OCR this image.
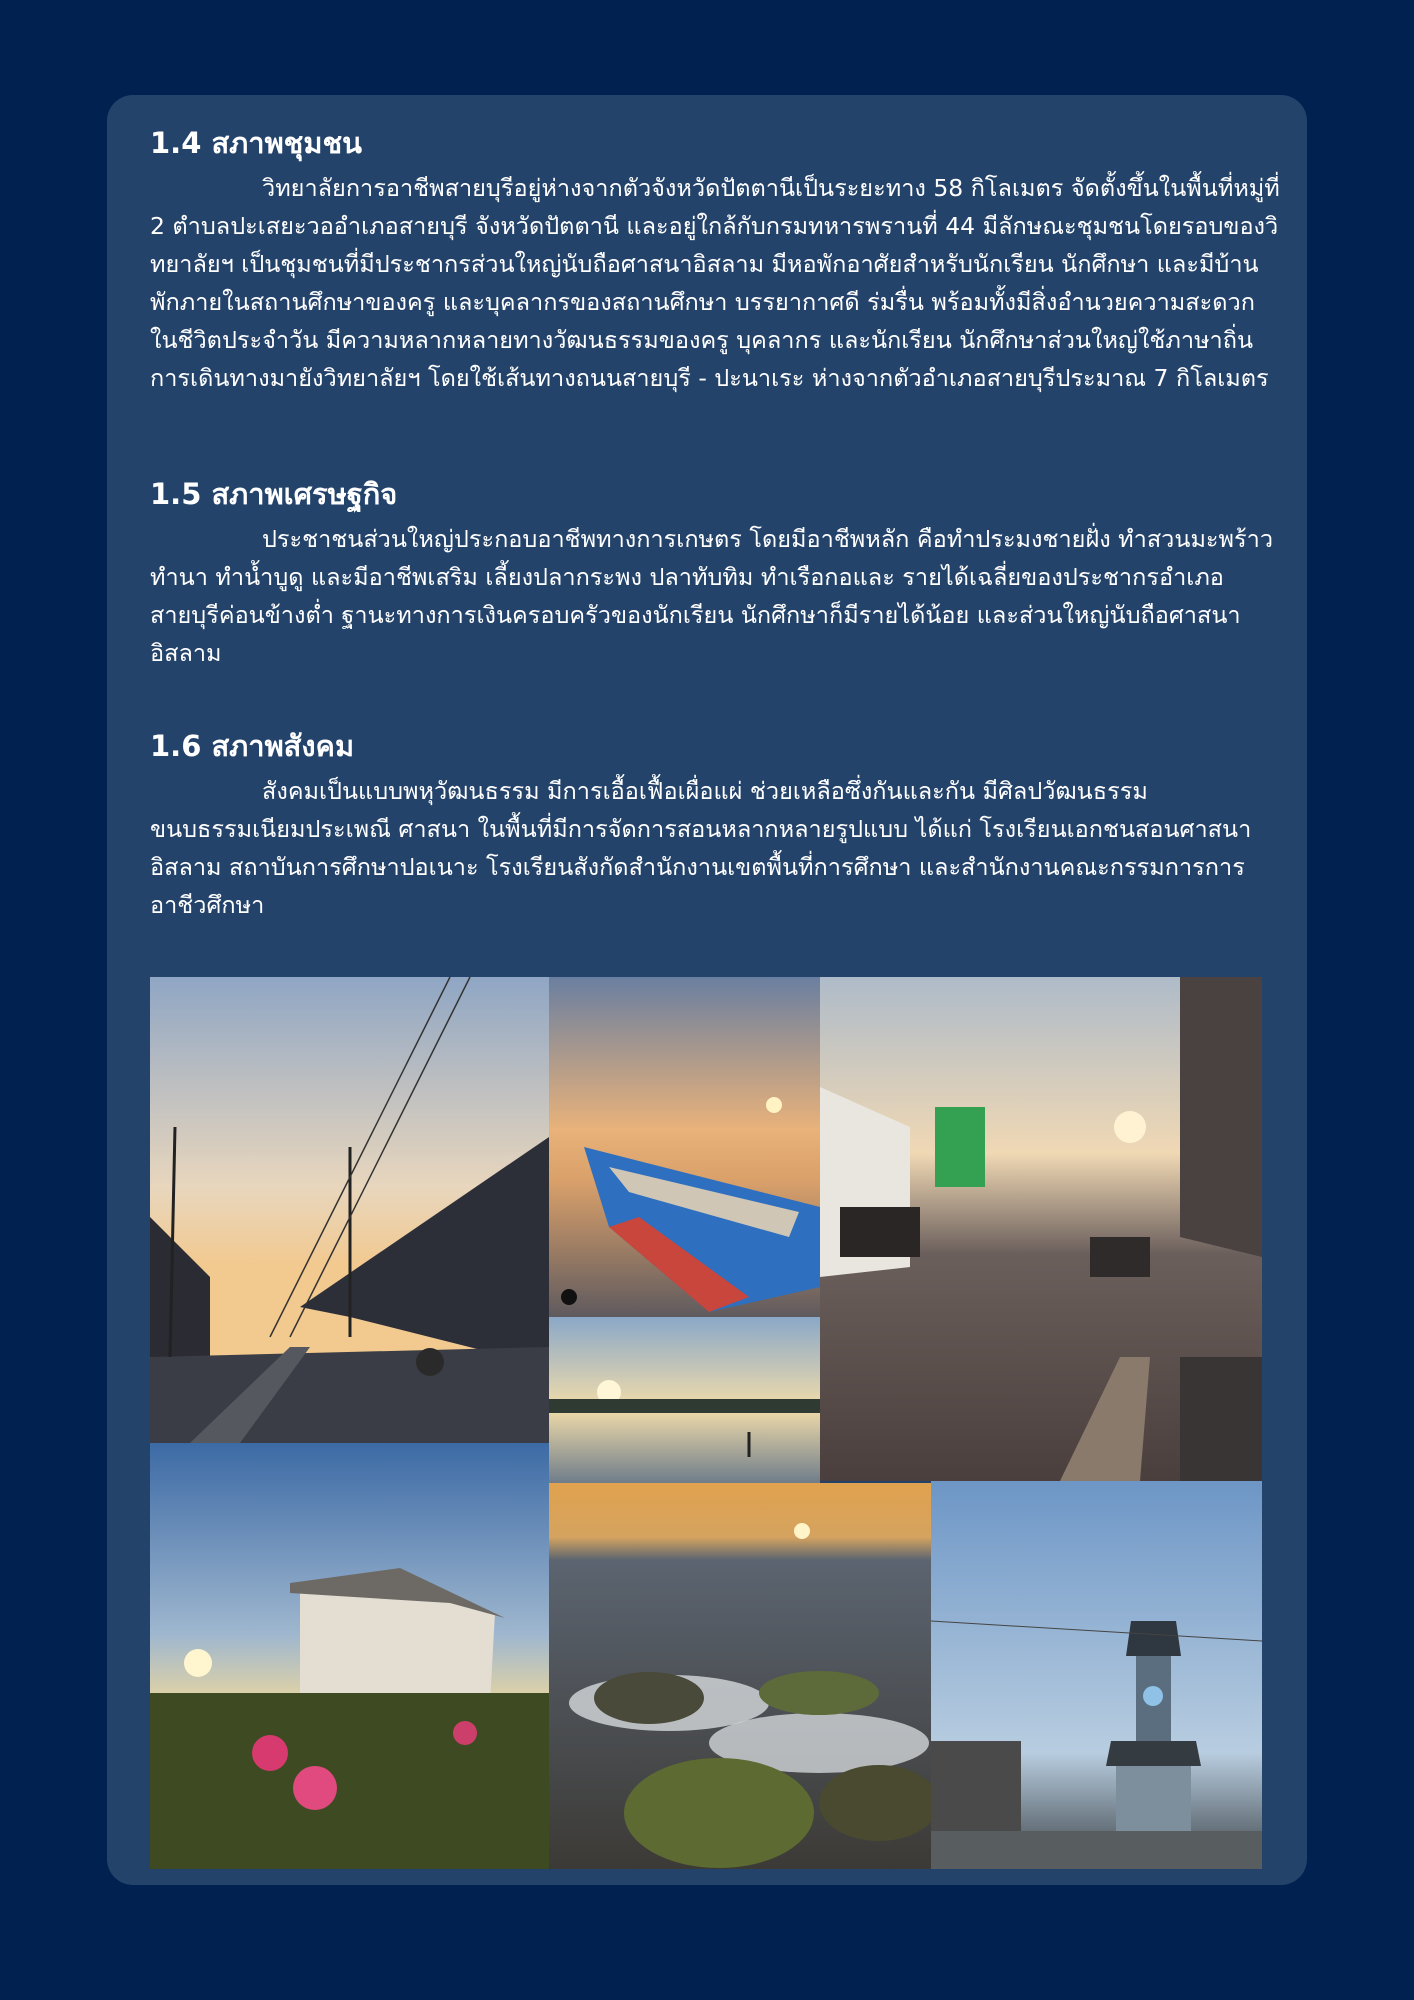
1.4 สภาพชุมชน

วิทยาลัยการอาชีพสายบุรีอยู่ห่างจากตัวจังหวัดปัตตานีเป็นระยะทาง 58 กิโลเมตร จัดตั้งขึ้นในพื้นที่หมู่ที่ 2 ตำบลปะเสยะวออำเภอสายบุรี จังหวัดปัตตานี และอยู่ใกล้กับกรมทหารพรานที่ 44 มีลักษณะชุมชนโดยรอบของวิทยาลัยฯ เป็นชุมชนที่มีประชากรส่วนใหญ่นับถือศาสนาอิสลาม มีหอพักอาศัยสำหรับนักเรียน นักศึกษา และมีบ้านพักภายในสถานศึกษาของครู และบุคลากรของสถานศึกษา บรรยากาศดี ร่มรื่น พร้อมทั้งมีสิ่งอำนวยความสะดวกในชีวิตประจำวัน มีความหลากหลายทางวัฒนธรรมของครู บุคลากร และนักเรียน นักศึกษาส่วนใหญ่ใช้ภาษาถิ่น การเดินทางมายังวิทยาลัยฯ โดยใช้เส้นทางถนนสายบุรี - ปะนาเระ ห่างจากตัวอำเภอสายบุรีประมาณ 7 กิโลเมตร

1.5 สภาพเศรษฐกิจ

ประชาชนส่วนใหญ่ประกอบอาชีพทางการเกษตร โดยมีอาชีพหลัก คือทำประมงชายฝั่ง ทำสวนมะพร้าว ทำนา ทำน้ำบูดู และมีอาชีพเสริม เลี้ยงปลากระพง ปลาทับทิม ทำเรือกอและ รายได้เฉลี่ยของประชากรอำเภอสายบุรีค่อนข้างต่ำ ฐานะทางการเงินครอบครัวของนักเรียน นักศึกษาก็มีรายได้น้อย และส่วนใหญ่นับถือศาสนาอิสลาม

1.6 สภาพสังคม

สังคมเป็นแบบพหุวัฒนธรรม มีการเอื้อเฟื้อเผื่อแผ่ ช่วยเหลือซึ่งกันและกัน มีศิลปวัฒนธรรม ขนบธรรมเนียมประเพณี ศาสนา ในพื้นที่มีการจัดการสอนหลากหลายรูปแบบ ได้แก่ โรงเรียนเอกชนสอนศาสนาอิสลาม สถาบันการศึกษาปอเนาะ โรงเรียนสังกัดสำนักงานเขตพื้นที่การศึกษา และสำนักงานคณะกรรมการการอาชีวศึกษา
